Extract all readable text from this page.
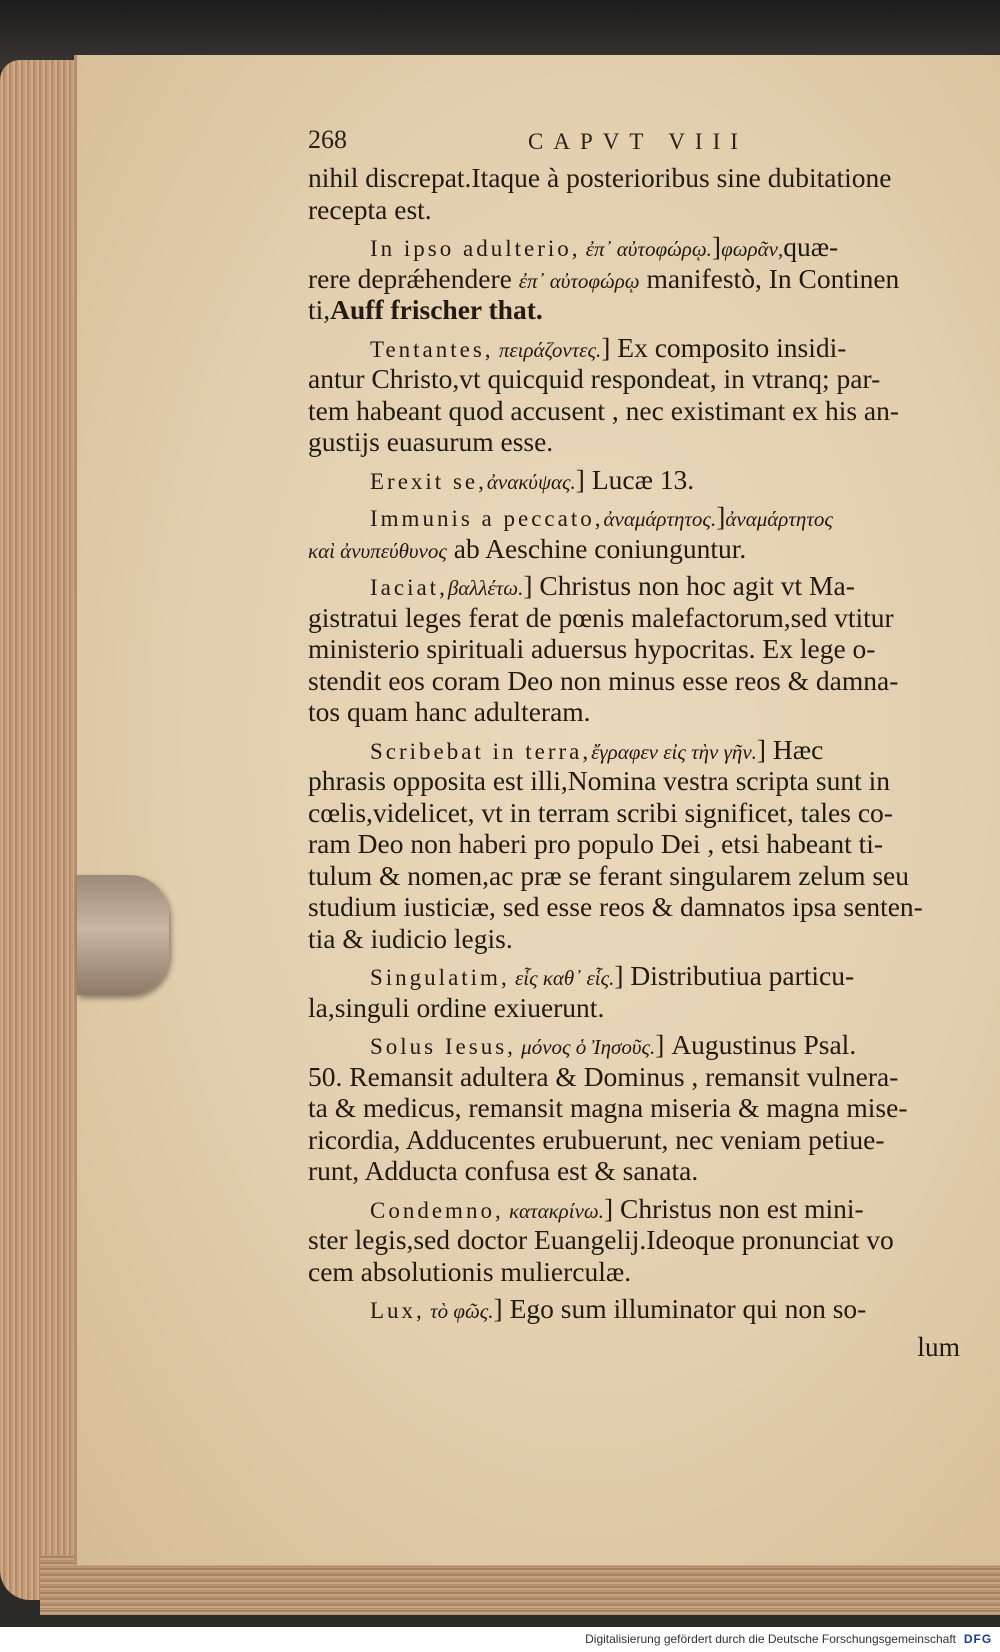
268	CAPVT VIII
nihil discrepat.Itaque à posterioribus sine dubitatione
recepta est.
In ipso adulterio, ἐπ᾽ αὐτοφώρῳ.]φωρᾶν,quæ-
rere deprǽhendere ἐπ᾽ αὐτοφώρῳ manifestò, In Continen
ti,Auff frischer that.
Tentantes, πειράζοντες.] Ex composito insidi-
antur Christo,vt quicquid respondeat, in vtranq; par-
tem habeant quod accusent , nec existimant ex his an-
gustijs euasurum esse.
Erexit se,ἀνακύψας.] Lucæ 13.
Immunis a peccato,ἀναμάρτητος.]ἀναμάρτητος
καὶ ἀνυπεύθυνος ab Aeschine coniunguntur.
Iaciat,βαλλέτω.] Christus non hoc agit vt Ma-
gistratui leges ferat de pœnis malefactorum,sed vtitur
ministerio spirituali aduersus hypocritas. Ex lege o-
stendit eos coram Deo non minus esse reos & damna-
tos quam hanc adulteram.
Scribebat in terra,ἔγραφεν εἰς τὴν γῆν.] Hæc
phrasis opposita est illi,Nomina vestra scripta sunt in
cœlis,videlicet, vt in terram scribi significet, tales co-
ram Deo non haberi pro populo Dei , etsi habeant ti-
tulum & nomen,ac præ se ferant singularem zelum seu
studium iusticiæ, sed esse reos & damnatos ipsa senten-
tia & iudicio legis.
Singulatim, εἷς καθ᾽ εἷς.] Distributiua particu-
la,singuli ordine exiuerunt.
Solus Iesus, μόνος ὁ Ἰησοῦς.] Augustinus Psal.
50. Remansit adultera & Dominus , remansit vulnera-
ta & medicus, remansit magna miseria & magna mise-
ricordia, Adducentes erubuerunt, nec veniam petiue-
runt, Adducta confusa est & sanata.
Condemno, κατακρίνω.] Christus non est mini-
ster legis,sed doctor Euangelij.Ideoque pronunciat vo
cem absolutionis mulierculæ.
Lux, τὸ φῶς.] Ego sum illuminator qui non so-
lum
Digitalisierung gefördert durch die Deutsche Forschungsgemeinschaft DFG
